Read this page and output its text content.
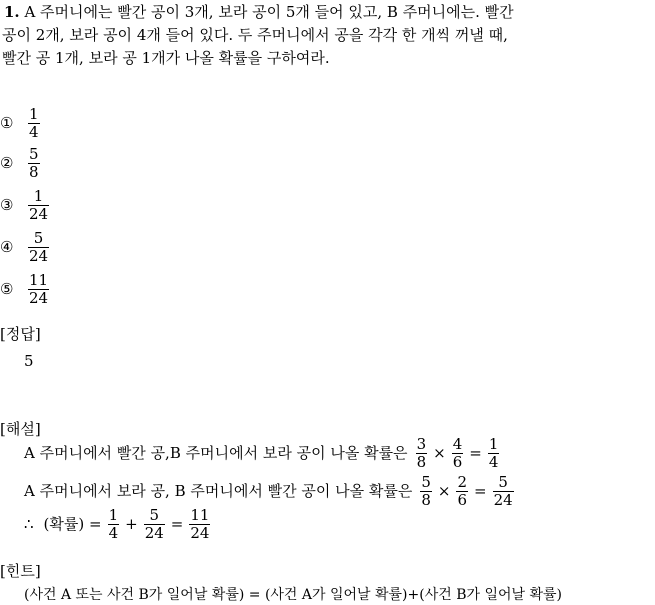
1. A 주머니에는 빨간 공이 3개, 보라 공이 5개 들어 있고, B 주머니에는. 빨간
공이 2개, 보라 공이 4개 들어 있다. 두 주머니에서 공을 각각 한 개씩 꺼낼 때,
빨간 공 1개, 보라 공 1개가 나올 확률을 구하여라.
① $\frac{1}{4}$
② $\frac{5}{8}$
③ $\frac{1}{24}$
④ $\frac{5}{24}$
⑤ $\frac{11}{24}$
[정답]
5
[해설]
A 주머니에서 빨간 공,B 주머니에서 보라 공이 나올 확률은 $\frac{3}{8} \times \frac{4}{6} = \frac{1}{4}$
A 주머니에서 보라 공, B 주머니에서 빨간 공이 나올 확률은 $\frac{5}{8} \times \frac{2}{6} = \frac{5}{24}$
∴ (확률) = $\frac{1}{4} + \frac{5}{24} = \frac{11}{24}$
[힌트]
(사건 A 또는 사건 B가 일어날 확률) = (사건 A가 일어날 확률)+(사건 B가 일어날 확률)
